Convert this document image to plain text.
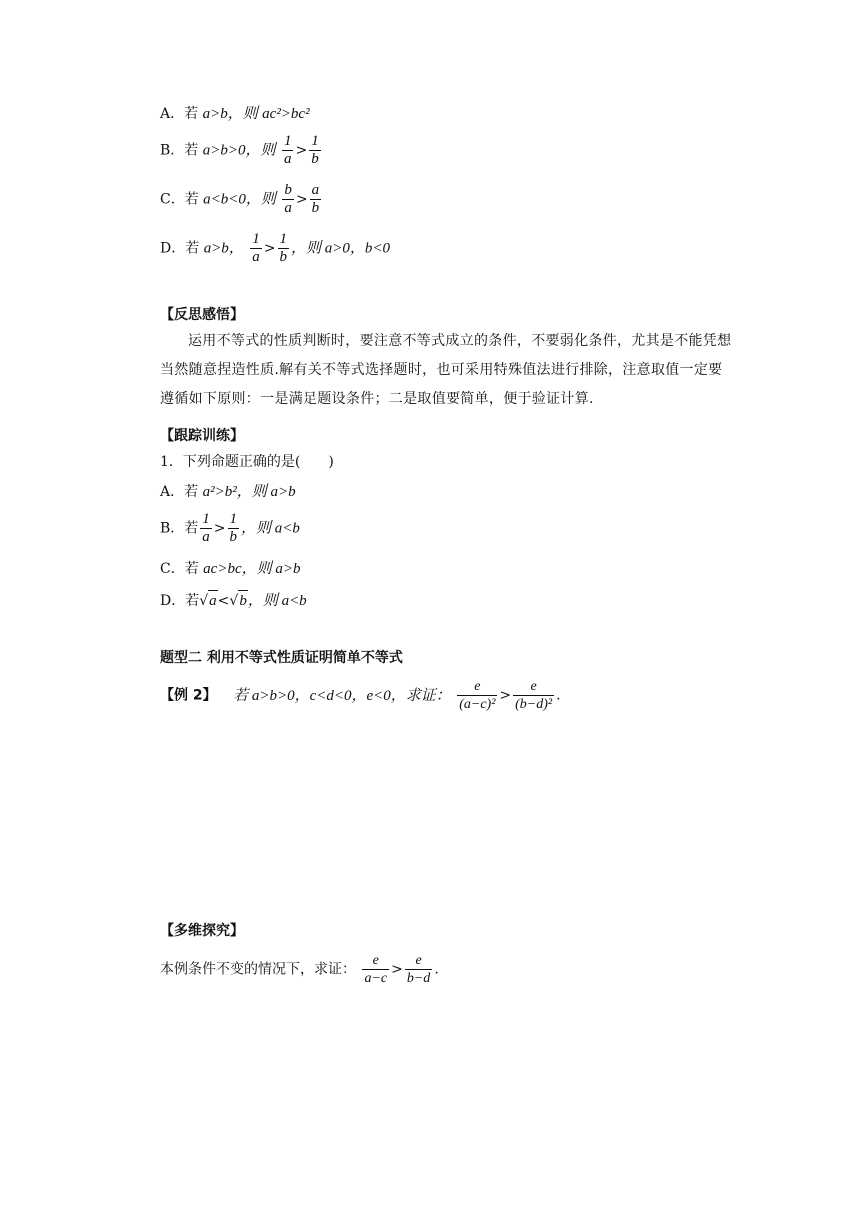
A．若 a>b，则 ac²>bc²
B．若 a>b>0，则 $\frac{1}{a} > \frac{1}{b}$
C．若 a<b<0，则 $\frac{b}{a} > \frac{a}{b}$
D．若 a>b， $\frac{1}{a} > \frac{1}{b}$ ，则 a>0，b<0
【反思感悟】
运用不等式的性质判断时，要注意不等式成立的条件，不要弱化条件，尤其是不能凭想
当然随意捏造性质.解有关不等式选择题时，也可采用特殊值法进行排除，注意取值一定要
遵循如下原则：一是满足题设条件；二是取值要简单，便于验证计算.
【跟踪训练】
1．下列命题正确的是(　　)
A．若 a²>b²，则 a>b
B．若 $\frac{1}{a} > \frac{1}{b}$ ，则 a<b
C．若 ac>bc，则 a>b
D．若√a<√b，则 a<b
题型二 利用不等式性质证明简单不等式
【例 2】 若 a>b>0，c<d<0，e<0，求证： $\frac{e}{\text{(a−c)²}} > \frac{e}{\text{(b−d)²}}$ .
【多维探究】
本例条件不变的情况下，求证： $\frac{e}{a-c} > \frac{e}{b-d}$ .
